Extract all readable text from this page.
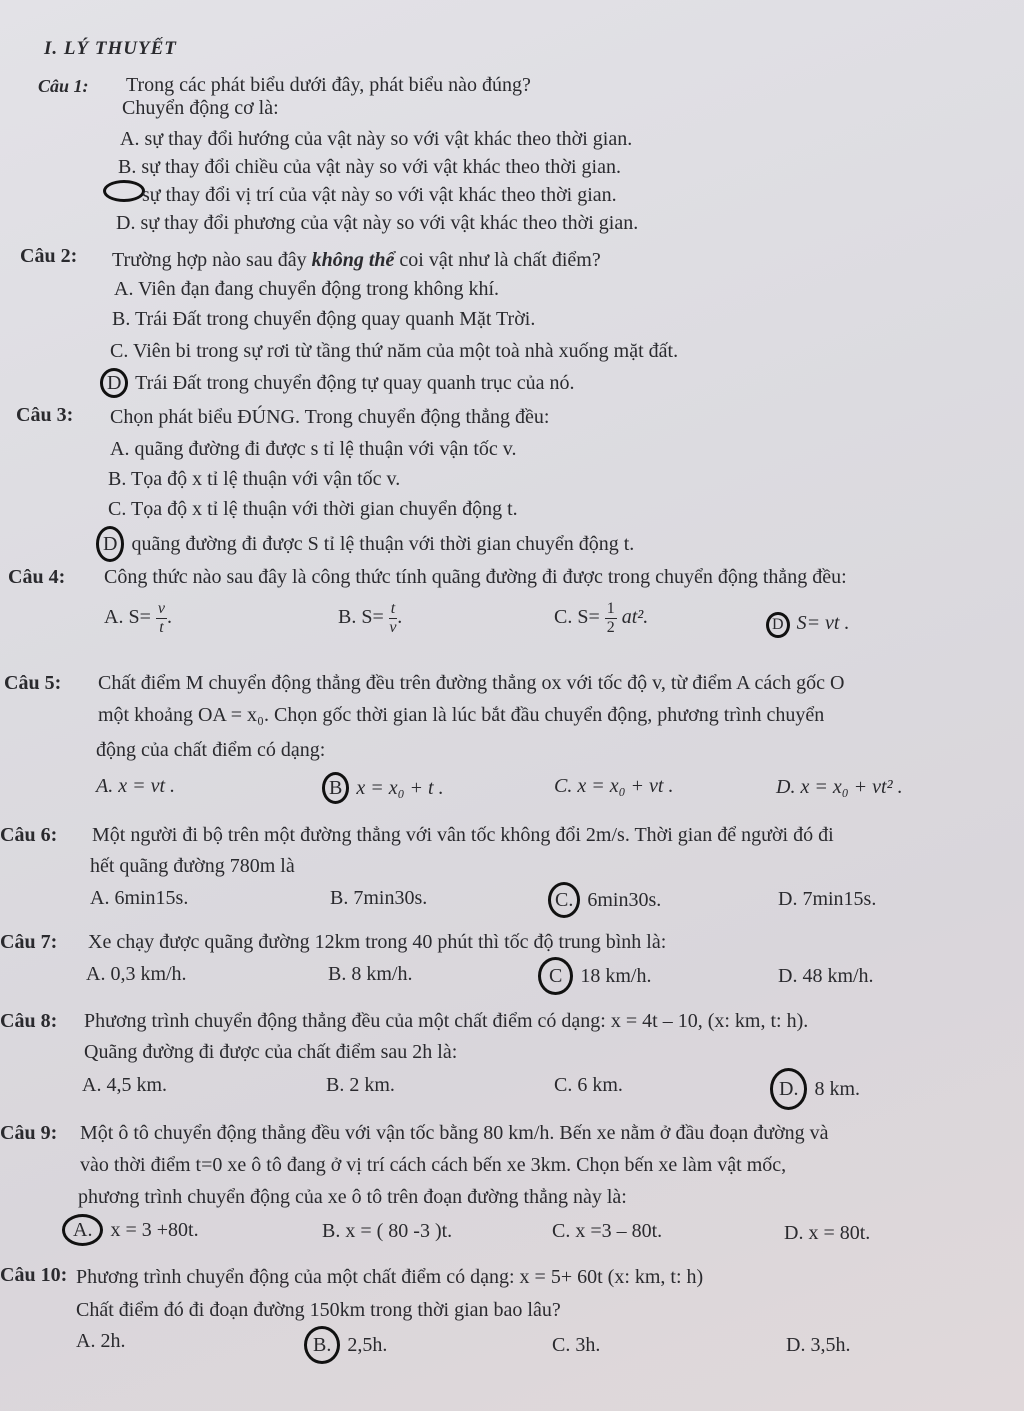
I. LÝ THUYẾT
Câu 1: Trong các phát biểu dưới đây, phát biểu nào đúng?
Chuyển động cơ là:
A. sự thay đổi hướng của vật này so với vật khác theo thời gian.
B. sự thay đổi chiều của vật này so với vật khác theo thời gian.
sự thay đổi vị trí của vật này so với vật khác theo thời gian.
D. sự thay đổi phương của vật này so với vật khác theo thời gian.
Câu 2: Trường hợp nào sau đây không thể coi vật như là chất điểm?
A. Viên đạn đang chuyển động trong không khí.
B. Trái Đất trong chuyển động quay quanh Mặt Trời.
C. Viên bi trong sự rơi từ tầng thứ năm của một toà nhà xuống mặt đất.
D Trái Đất trong chuyển động tự quay quanh trục của nó.
Câu 3: Chọn phát biểu ĐÚNG. Trong chuyển động thẳng đều:
A. quãng đường đi được s tỉ lệ thuận với vận tốc v.
B. Tọa độ x tỉ lệ thuận với vận tốc v.
C. Tọa độ x tỉ lệ thuận với thời gian chuyển động t.
D quãng đường đi được S tỉ lệ thuận với thời gian chuyển động t.
Câu 4: Công thức nào sau đây là công thức tính quãng đường đi được trong chuyển động thẳng đều:
A. $S= \frac{v}{t}$ .	B. $S= \frac{t}{v}$ .	C. $S= \frac{1}{2} at^2$.	D S= vt .
Câu 5: Chất điểm M chuyển động thẳng đều trên đường thẳng ox với tốc độ v, từ điểm A cách gốc O
một khoảng OA = x₀. Chọn gốc thời gian là lúc bắt đầu chuyển động, phương trình chuyển
động của chất điểm có dạng:
A. x = vt .	B x = x₀ + t .	C. x = x₀ + vt .	D. x = x₀ + vt² .
Câu 6: Một người đi bộ trên một đường thẳng với vân tốc không đổi 2m/s. Thời gian để người đó đi
hết quãng đường 780m là
A. 6min15s.	B. 7min30s.	C. 6min30s.	D. 7min15s.
Câu 7: Xe chạy được quãng đường 12km trong 40 phút thì tốc độ trung bình là:
A. 0,3 km/h.	B. 8 km/h.	C 18 km/h.	D. 48 km/h.
Câu 8: Phương trình chuyển động thẳng đều của một chất điểm có dạng: x = 4t – 10, (x: km, t: h).
Quãng đường đi được của chất điểm sau 2h là:
A. 4,5 km.	B. 2 km.	C. 6 km.	D. 8 km.
Câu 9: Một ô tô chuyển động thẳng đều với vận tốc bằng 80 km/h. Bến xe nằm ở đầu đoạn đường và
vào thời điểm t=0 xe ô tô đang ở vị trí cách cách bến xe 3km. Chọn bến xe làm vật mốc,
phương trình chuyển động của xe ô tô trên đoạn đường thẳng này là:
A. x = 3 +80t.	B. x = ( 80 -3 )t.	C. x =3 – 80t.	D. x = 80t.
Câu 10: Phương trình chuyển động của một chất điểm có dạng: x = 5+ 60t (x: km, t: h)
Chất điểm đó đi đoạn đường 150km trong thời gian bao lâu?
A. 2h.	B. 2,5h.	C. 3h.	D. 3,5h.
